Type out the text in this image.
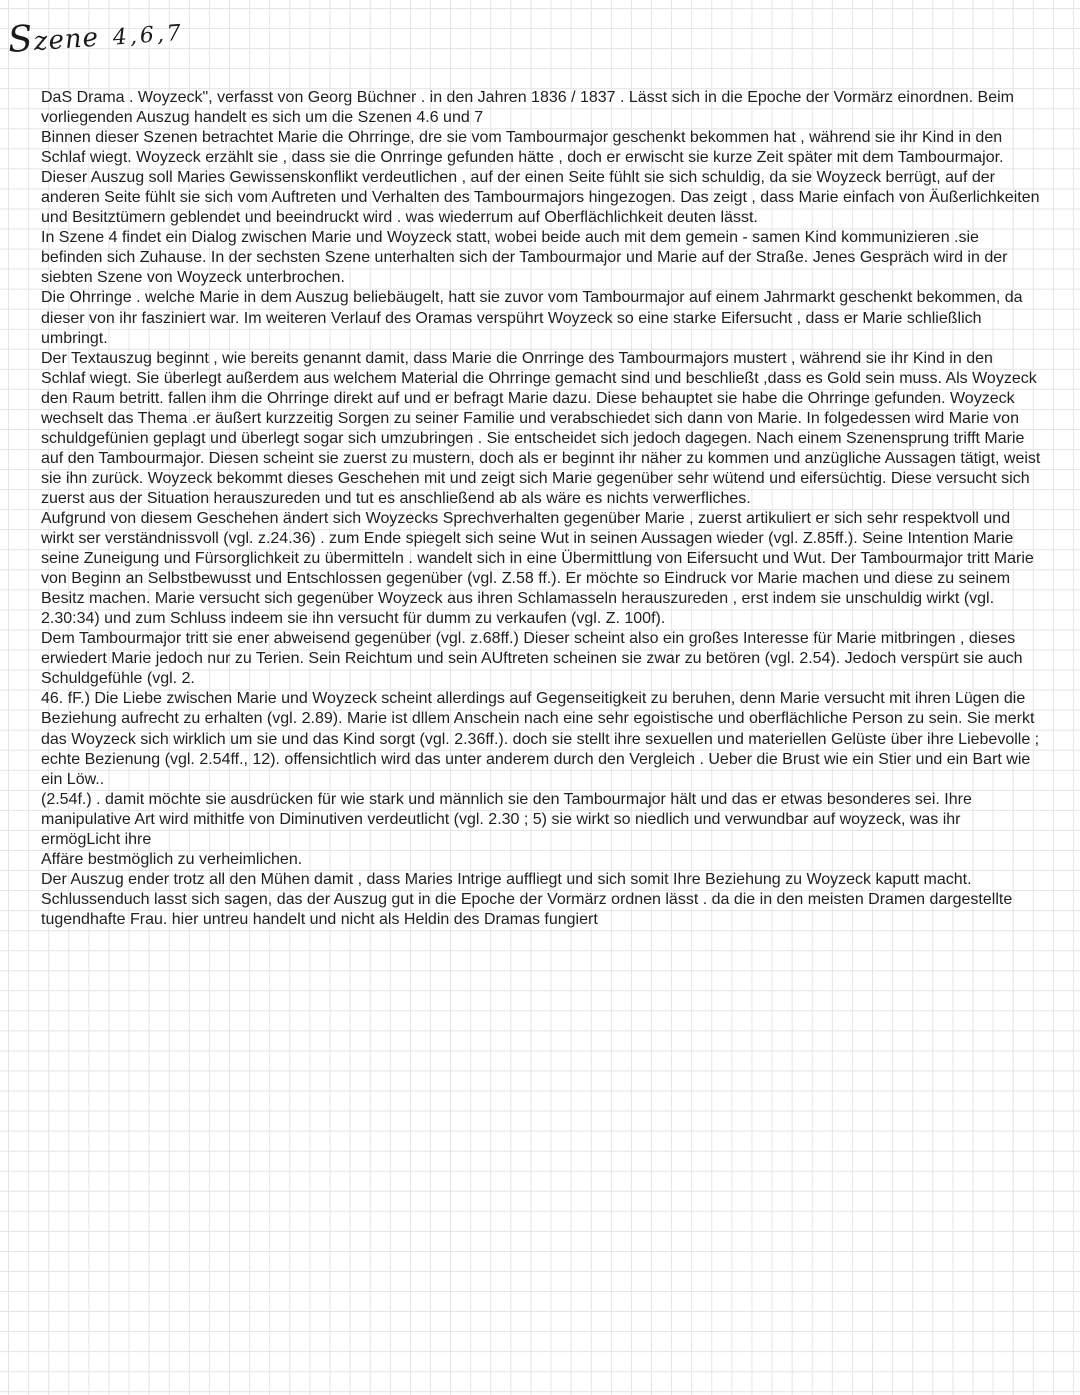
Szene 4,6,7

DaS Drama . Woyzeck", verfasst von Georg Büchner . in den Jahren 1836 / 1837 . Lässt sich in die Epoche der Vormärz einordnen. Beim vorliegenden Auszug handelt es sich um die Szenen 4.6 und 7

Binnen dieser Szenen betrachtet Marie die Ohrringe, dre sie vom Tambourmajor geschenkt bekommen hat , während sie ihr Kind in den Schlaf wiegt. Woyzeck erzählt sie , dass sie die Onrringe gefunden hätte , doch er erwischt sie kurze Zeit später mit dem Tambourmajor. Dieser Auszug soll Maries Gewissenskonflikt verdeutlichen , auf der einen Seite fühlt sie sich schuldig, da sie Woyzeck berrügt, auf der anderen Seite fühlt sie sich vom Auftreten und Verhalten des Tambourmajors hingezogen. Das zeigt , dass Marie einfach von Äußerlichkeiten und Besitztümern geblendet und beeindruckt wird . was wiederrum auf Oberflächlichkeit deuten lässt.

In Szene 4 findet ein Dialog zwischen Marie und Woyzeck statt, wobei beide auch mit dem gemein - samen Kind kommunizieren .sie befinden sich Zuhause. In der sechsten Szene unterhalten sich der Tambourmajor und Marie auf der Straße. Jenes Gespräch wird in der siebten Szene von Woyzeck unterbrochen.

Die Ohrringe . welche Marie in dem Auszug beliebäugelt, hatt sie zuvor vom Tambourmajor auf einem Jahrmarkt geschenkt bekommen, da dieser von ihr fasziniert war. Im weiteren Verlauf des Oramas verspührt Woyzeck so eine starke Eifersucht , dass er Marie schließlich umbringt.

Der Textauszug beginnt , wie bereits genannt damit, dass Marie die Onrringe des Tambourmajors mustert , während sie ihr Kind in den Schlaf wiegt. Sie überlegt außerdem aus welchem Material die Ohrringe gemacht sind und beschließt ,dass es Gold sein muss. Als Woyzeck den Raum betritt. fallen ihm die Ohrringe direkt auf und er befragt Marie dazu. Diese behauptet sie habe die Ohrringe gefunden. Woyzeck wechselt das Thema .er äußert kurzzeitig Sorgen zu seiner Familie und verabschiedet sich dann von Marie. In folgedessen wird Marie von schuldgefünien geplagt und überlegt sogar sich umzubringen . Sie entscheidet sich jedoch dagegen. Nach einem Szenensprung trifft Marie auf den Tambourmajor. Diesen scheint sie zuerst zu mustern, doch als er beginnt ihr näher zu kommen und anzügliche Aussagen tätigt, weist sie ihn zurück. Woyzeck bekommt dieses Geschehen mit und zeigt sich Marie gegenüber sehr wütend und eifersüchtig. Diese versucht sich zuerst aus der Situation herauszureden und tut es anschließend ab als wäre es nichts verwerfliches.

Aufgrund von diesem Geschehen ändert sich Woyzecks Sprechverhalten gegenüber Marie , zuerst artikuliert er sich sehr respektvoll und wirkt ser verständnissvoll (vgl. z.24.36) . zum Ende spiegelt sich seine Wut in seinen Aussagen wieder (vgl. Z.85ff.). Seine Intention Marie seine Zuneigung und Fürsorglichkeit zu übermitteln . wandelt sich in eine Übermittlung von Eifersucht und Wut. Der Tambourmajor tritt Marie von Beginn an Selbstbewusst und Entschlossen gegenüber (vgl. Z.58 ff.). Er möchte so Eindruck vor Marie machen und diese zu seinem Besitz machen. Marie versucht sich gegenüber Woyzeck aus ihren Schlamasseln herauszureden , erst indem sie unschuldig wirkt (vgl. 2.30:34) und zum Schluss indeem sie ihn versucht für dumm zu verkaufen (vgl. Z. 100f).

Dem Tambourmajor tritt sie ener abweisend gegenüber (vgl. z.68ff.) Dieser scheint also ein großes Interesse für Marie mitbringen , dieses erwiedert Marie jedoch nur zu Terien. Sein Reichtum und sein AUftreten scheinen sie zwar zu betören (vgl. 2.54). Jedoch verspürt sie auch Schuldgefühle (vgl. 2.

46. fF.) Die Liebe zwischen Marie und Woyzeck scheint allerdings auf Gegenseitigkeit zu beruhen, denn Marie versucht mit ihren Lügen die Beziehung aufrecht zu erhalten (vgl. 2.89). Marie ist dllem Anschein nach eine sehr egoistische und oberflächliche Person zu sein. Sie merkt das Woyzeck sich wirklich um sie und das Kind sorgt (vgl. 2.36ff.). doch sie stellt ihre sexuellen und materiellen Gelüste über ihre Liebevolle ; echte Bezienung (vgl. 2.54ff., 12). offensichtlich wird das unter anderem durch den Vergleich . Ueber die Brust wie ein Stier und ein Bart wie ein Löw..

(2.54f.) . damit möchte sie ausdrücken für wie stark und männlich sie den Tambourmajor hält und das er etwas besonderes sei. Ihre manipulative Art wird mithitfe von Diminutiven verdeutlicht (vgl. 2.30 ; 5) sie wirkt so niedlich und verwundbar auf woyzeck, was ihr ermögLicht ihre

Affäre bestmöglich zu verheimlichen.

Der Auszug ender trotz all den Mühen damit , dass Maries Intrige auffliegt und sich somit Ihre Beziehung zu Woyzeck kaputt macht. Schlussenduch lasst sich sagen, das der Auszug gut in die Epoche der Vormärz ordnen lässt . da die in den meisten Dramen dargestellte tugendhafte Frau. hier untreu handelt und nicht als Heldin des Dramas fungiert
